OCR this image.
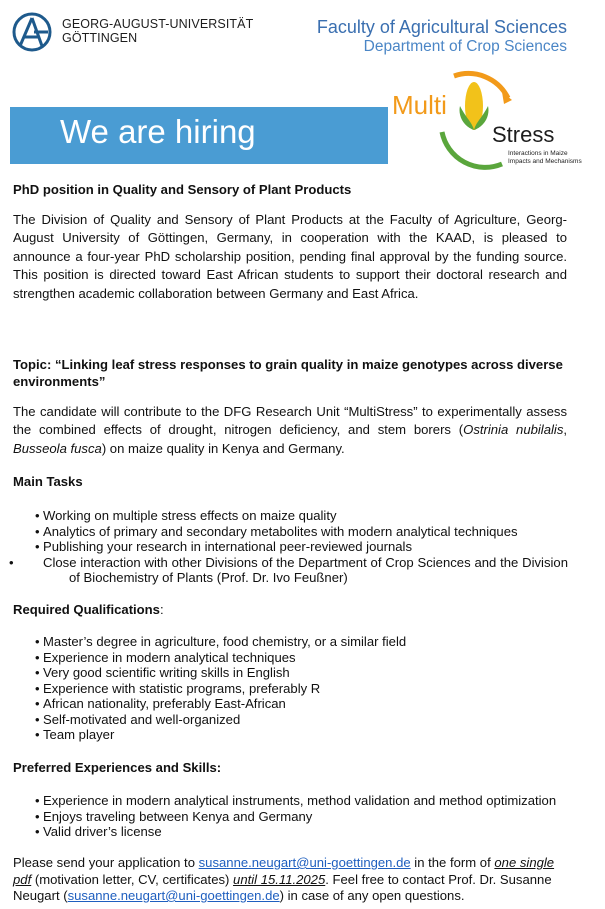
GEORG-AUGUST-UNIVERSITÄT
GÖTTINGEN
Faculty of Agricultural Sciences
Department of Crop Sciences
We are hiring
Multi
Stress
Interactions in Maize
Impacts and Mechanisms
PhD position in Quality and Sensory of Plant Products
The Division of Quality and Sensory of Plant Products at the Faculty of Agriculture, Georg-August University of Göttingen, Germany, in cooperation with the KAAD, is pleased to announce a four-year PhD scholarship position, pending final approval by the funding source. This position is directed toward East African students to support their doctoral research and strengthen academic collaboration between Germany and East Africa.
Topic: “Linking leaf stress responses to grain quality in maize genotypes across diverse environments”
The candidate will contribute to the DFG Research Unit “MultiStress” to experimentally assess the combined effects of drought, nitrogen deficiency, and stem borers (Ostrinia nubilalis, Busseola fusca) on maize quality in Kenya and Germany.
Main Tasks
• Working on multiple stress effects on maize quality
• Analytics of primary and secondary metabolites with modern analytical techniques
• Publishing your research in international peer-reviewed journals
• Close interaction with other Divisions of the Department of Crop Sciences and the Division of Biochemistry of Plants (Prof. Dr. Ivo Feußner)
Required Qualifications:
• Master’s degree in agriculture, food chemistry, or a similar field
• Experience in modern analytical techniques
• Very good scientific writing skills in English
• Experience with statistic programs, preferably R
• African nationality, preferably East-African
• Self-motivated and well-organized
• Team player
Preferred Experiences and Skills:
• Experience in modern analytical instruments, method validation and method optimization
• Enjoys traveling between Kenya and Germany
• Valid driver’s license
Please send your application to susanne.neugart@uni-goettingen.de in the form of one single pdf (motivation letter, CV, certificates) until 15.11.2025. Feel free to contact Prof. Dr. Susanne Neugart (susanne.neugart@uni-goettingen.de) in case of any open questions.
